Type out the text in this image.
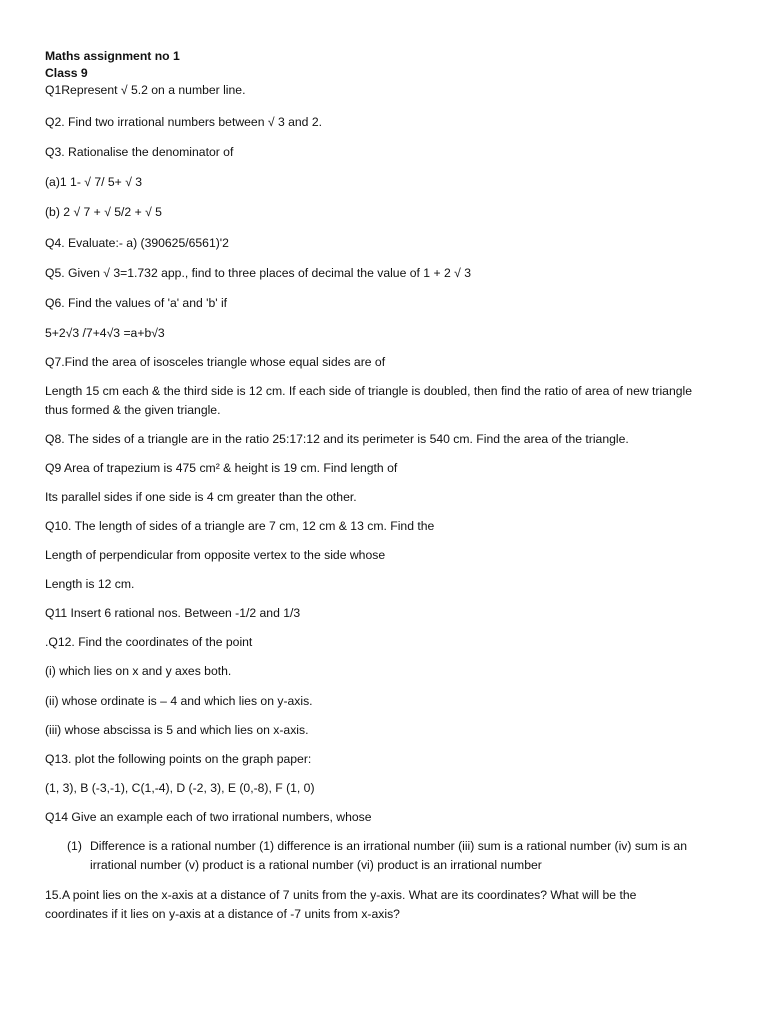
Maths assignment no 1

Class 9

Q1Represent √ 5.2 on a number line.

Q2. Find two irrational numbers between √ 3 and 2.

Q3. Rationalise the denominator of

(a)1 1- √ 7/ 5+ √ 3

(b) 2 √ 7 + √ 5/2 + √ 5

Q4. Evaluate:- a) (390625/6561)'2

Q5. Given √ 3=1.732 app., find to three places of decimal the value of 1 + 2 √ 3

Q6. Find the values of 'a' and 'b' if

5+2√3 /7+4√3 =a+b√3

Q7.Find the area of isosceles triangle whose equal sides are of

Length 15 cm each & the third side is 12 cm. If each side of triangle is doubled, then find the ratio of area of new triangle

thus formed & the given triangle.

Q8. The sides of a triangle are in the ratio 25:17:12 and its perimeter is 540 cm. Find the area of the triangle.

Q9 Area of trapezium is 475 cm² & height is 19 cm. Find length of

Its parallel sides if one side is 4 cm greater than the other.

Q10. The length of sides of a triangle are 7 cm, 12 cm & 13 cm. Find the

Length of perpendicular from opposite vertex to the side whose

Length is 12 cm.

Q11 Insert 6 rational nos. Between -1/2 and 1/3

.Q12. Find the coordinates of the point

(i) which lies on x and y axes both.

(ii) whose ordinate is – 4 and which lies on y-axis.

(iii) whose abscissa is 5 and which lies on x-axis.

Q13. plot the following points on the graph paper:

(1, 3), B (-3,-1), C(1,-4), D (-2, 3), E (0,-8), F (1, 0)

Q14 Give an example each of two irrational numbers, whose

(1) Difference is a rational number (1) difference is an irrational number (iii) sum is a rational number (iv) sum is an

irrational number (v) product is a rational number (vi) product is an irrational number

15.A point lies on the x-axis at a distance of 7 units from the y-axis. What are its coordinates? What will be the

coordinates if it lies on y-axis at a distance of -7 units from x-axis?
